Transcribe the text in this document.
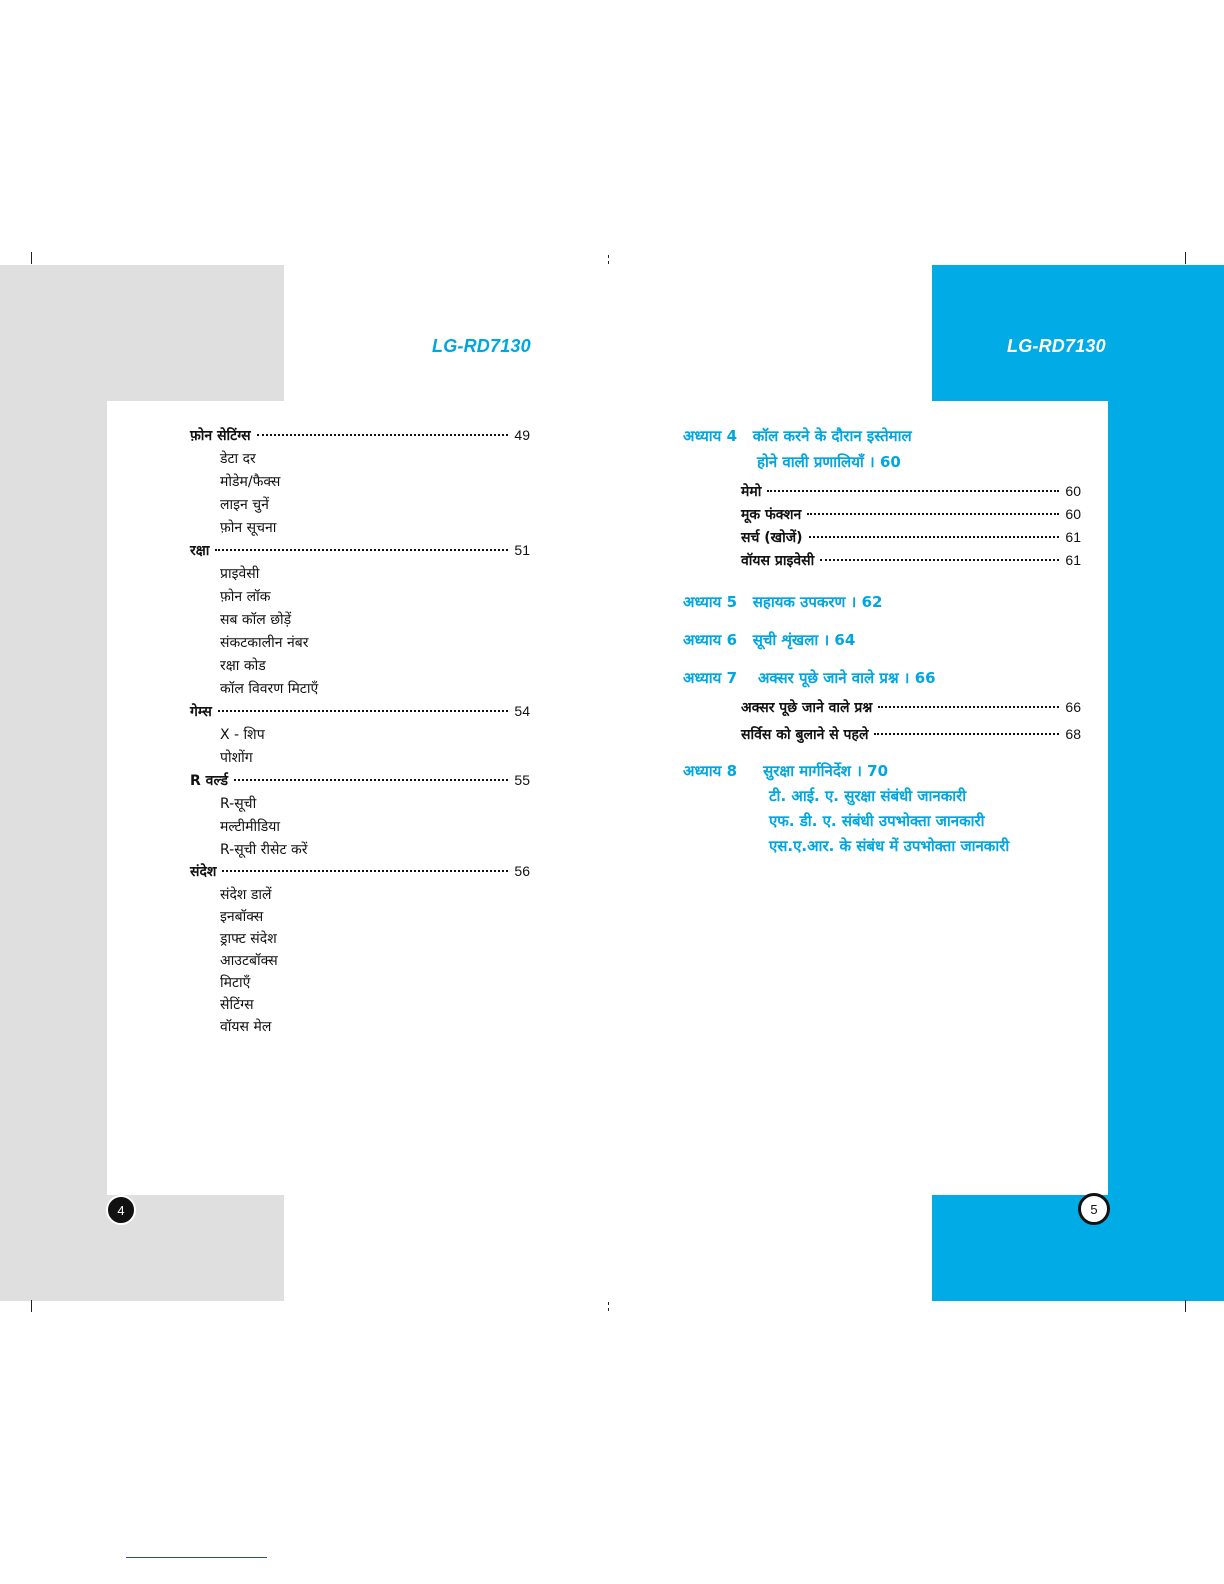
LG-RD7130	LG-RD7130
फ़ोन सेटिंग्स	49
डेटा दर
मोडेम/फैक्स
लाइन चुनें
फ़ोन सूचना
रक्षा	51
प्राइवेसी
फ़ोन लॉक
सब कॉल छोड़ें
संकटकालीन नंबर
रक्षा कोड
कॉल विवरण मिटाएँ
गेम्स	54
X - शिप
पोशोंग
R वर्ल्ड	55
R-सूची
मल्टीमीडिया
R-सूची रीसेट करें
संदेश	56
संदेश डालें
इनबॉक्स
ड्राफ्ट संदेश
आउटबॉक्स
मिटाएँ
सेटिंग्स
वॉयस मेल
अध्याय 4 कॉल करने के दौरान इस्तेमाल
होने वाली प्रणालियाँ । 60
मेमो	60
मूक फंक्शन	60
सर्च (खोजें)	61
वॉयस प्राइवेसी	61
अध्याय 5 सहायक उपकरण । 62
अध्याय 6 सूची शृंखला । 64
अध्याय 7 अक्सर पूछे जाने वाले प्रश्न । 66
अक्सर पूछे जाने वाले प्रश्न	66
सर्विस को बुलाने से पहले	68
अध्याय 8 सुरक्षा मार्गनिर्देश । 70
टी. आई. ए. सुरक्षा संबंधी जानकारी
एफ. डी. ए. संबंधी उपभोक्ता जानकारी
एस.ए.आर. के संबंध में उपभोक्ता जानकारी
4	5
